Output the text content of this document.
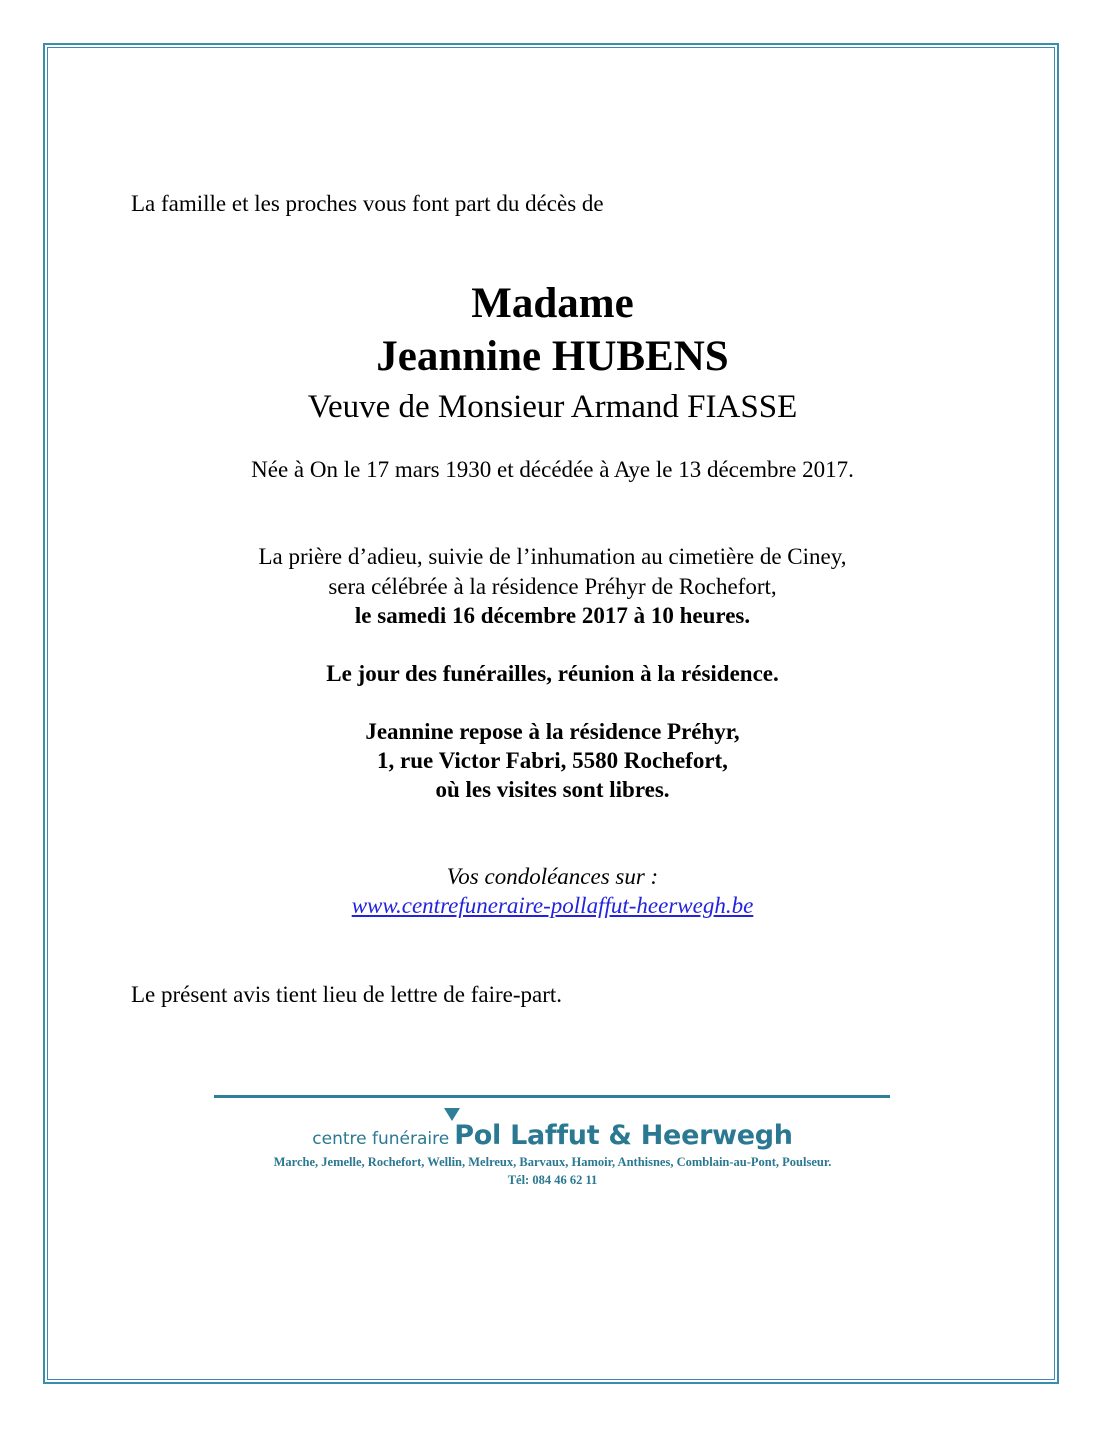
La famille et les proches vous font part du décès de
Madame
Jeannine HUBENS
Veuve de Monsieur Armand FIASSE
Née à On le 17 mars 1930 et décédée à Aye le 13 décembre 2017.
La prière d’adieu, suivie de l’inhumation au cimetière de Ciney,
sera célébrée à la résidence Préhyr de Rochefort,
le samedi 16 décembre 2017 à 10 heures.
Le jour des funérailles, réunion à la résidence.
Jeannine repose à la résidence Préhyr,
1, rue Victor Fabri, 5580 Rochefort,
où les visites sont libres.
Vos condoléances sur :
www.centrefuneraire-pollaffut-heerwegh.be
Le présent avis tient lieu de lettre de faire-part.
centre funéraire Pol Laffut & Heerwegh
Marche, Jemelle, Rochefort, Wellin, Melreux, Barvaux, Hamoir, Anthisnes, Comblain-au-Pont, Poulseur.
Tél: 084 46 62 11
